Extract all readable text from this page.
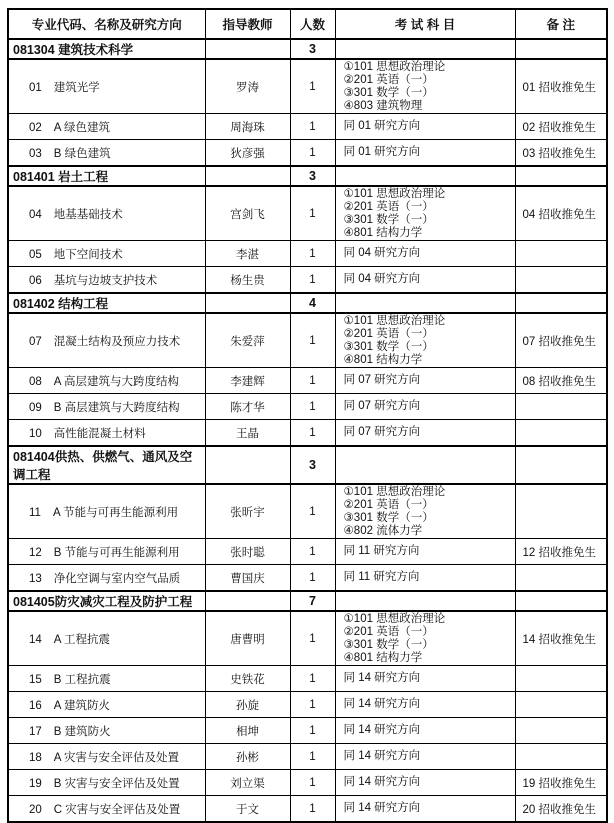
专业代码、名称及研究方向	指导教师	人数	考 试 科 目	备 注
081304 建筑技术科学		3		
01 建筑光学	罗涛	1	①101 思想政治理论
②201 英语（一）
③301 数学（一）
④803 建筑物理	01 招收推免生
02 A 绿色建筑	周海珠	1	同 01 研究方向	02 招收推免生
03 B 绿色建筑	狄彦强	1	同 01 研究方向	03 招收推免生
081401 岩土工程		3		
04 地基基础技术	宫剑飞	1	①101 思想政治理论
②201 英语（一）
③301 数学（一）
④801 结构力学	04 招收推免生
05 地下空间技术	李湛	1	同 04 研究方向	

06 基坑与边坡支护技术	杨生贵	1	同 04 研究方向	

081402 结构工程		4		
07 混凝土结构及预应力技术	朱爱萍	1	①101 思想政治理论
②201 英语（一）
③301 数学（一）
④801 结构力学	07 招收推免生
08 A 高层建筑与大跨度结构	李建辉	1	同 07 研究方向	08 招收推免生
09 B 高层建筑与大跨度结构	陈才华	1	同 07 研究方向	

10 高性能混凝土材料	王晶	1	同 07 研究方向	

081404供热、供燃气、通风及空调工程		3		
11 A 节能与可再生能源利用	张昕宇	1	①101 思想政治理论
②201 英语（一）
③301 数学（一）
④802 流体力学	

12 B 节能与可再生能源利用	张时聪	1	同 11 研究方向	12 招收推免生
13 净化空调与室内空气品质	曹国庆	1	同 11 研究方向	

081405防灾减灾工程及防护工程		7		
14 A 工程抗震	唐曹明	1	①101 思想政治理论
②201 英语（一）
③301 数学（一）
④801 结构力学	14 招收推免生
15 B 工程抗震	史铁花	1	同 14 研究方向	

16 A 建筑防火	孙旋	1	同 14 研究方向	

17 B 建筑防火	相坤	1	同 14 研究方向	

18 A 灾害与安全评估及处置	孙彬	1	同 14 研究方向	

19 B 灾害与安全评估及处置	刘立渠	1	同 14 研究方向	19 招收推免生
20 C 灾害与安全评估及处置	于文	1	同 14 研究方向	20 招收推免生
